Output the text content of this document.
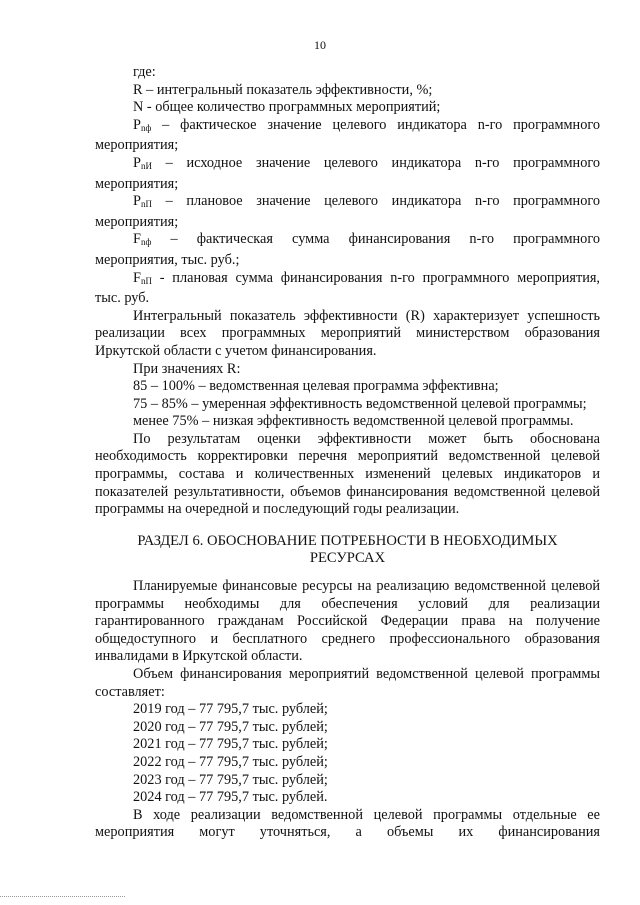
10

где:

R – интегральный показатель эффективности, %;

N - общее количество программных мероприятий;

$P_{nф}$ – фактическое значение целевого индикатора n-го программного

мероприятия;

$P_{nИ}$ – исходное значение целевого индикатора n-го программного

мероприятия;

$P_{nП}$ – плановое значение целевого индикатора n-го программного

мероприятия;

$F_{nф}$ – фактическая сумма финансирования n-го программного

мероприятия, тыс. руб.;

$F_{nП}$ - плановая сумма финансирования n-го программного мероприятия,

тыс. руб.

Интегральный показатель эффективности (R) характеризует успешность реализации всех программных мероприятий министерством образования Иркутской области с учетом финансирования.

При значениях R:

85 – 100% – ведомственная целевая программа эффективна;

75 – 85% – умеренная эффективность ведомственной целевой программы;

менее 75% – низкая эффективность ведомственной целевой программы.

По результатам оценки эффективности может быть обоснована необходимость корректировки перечня мероприятий ведомственной целевой программы, состава и количественных изменений целевых индикаторов и показателей результативности, объемов финансирования ведомственной целевой программы на очередной и последующий годы реализации.

РАЗДЕЛ 6. ОБОСНОВАНИЕ ПОТРЕБНОСТИ В НЕОБХОДИМЫХ
РЕСУРСАХ

Планируемые финансовые ресурсы на реализацию ведомственной целевой программы необходимы для обеспечения условий для реализации гарантированного гражданам Российской Федерации права на получение общедоступного и бесплатного среднего профессионального образования инвалидами в Иркутской области.

Объем финансирования мероприятий ведомственной целевой программы составляет:

2019 год – 77 795,7 тыс. рублей;

2020 год – 77 795,7 тыс. рублей;

2021 год – 77 795,7 тыс. рублей;

2022 год – 77 795,7 тыс. рублей;

2023 год – 77 795,7 тыс. рублей;

2024 год – 77 795,7 тыс. рублей.

В ходе реализации ведомственной целевой программы отдельные ее

мероприятия могут уточняться, а объемы их финансирования
